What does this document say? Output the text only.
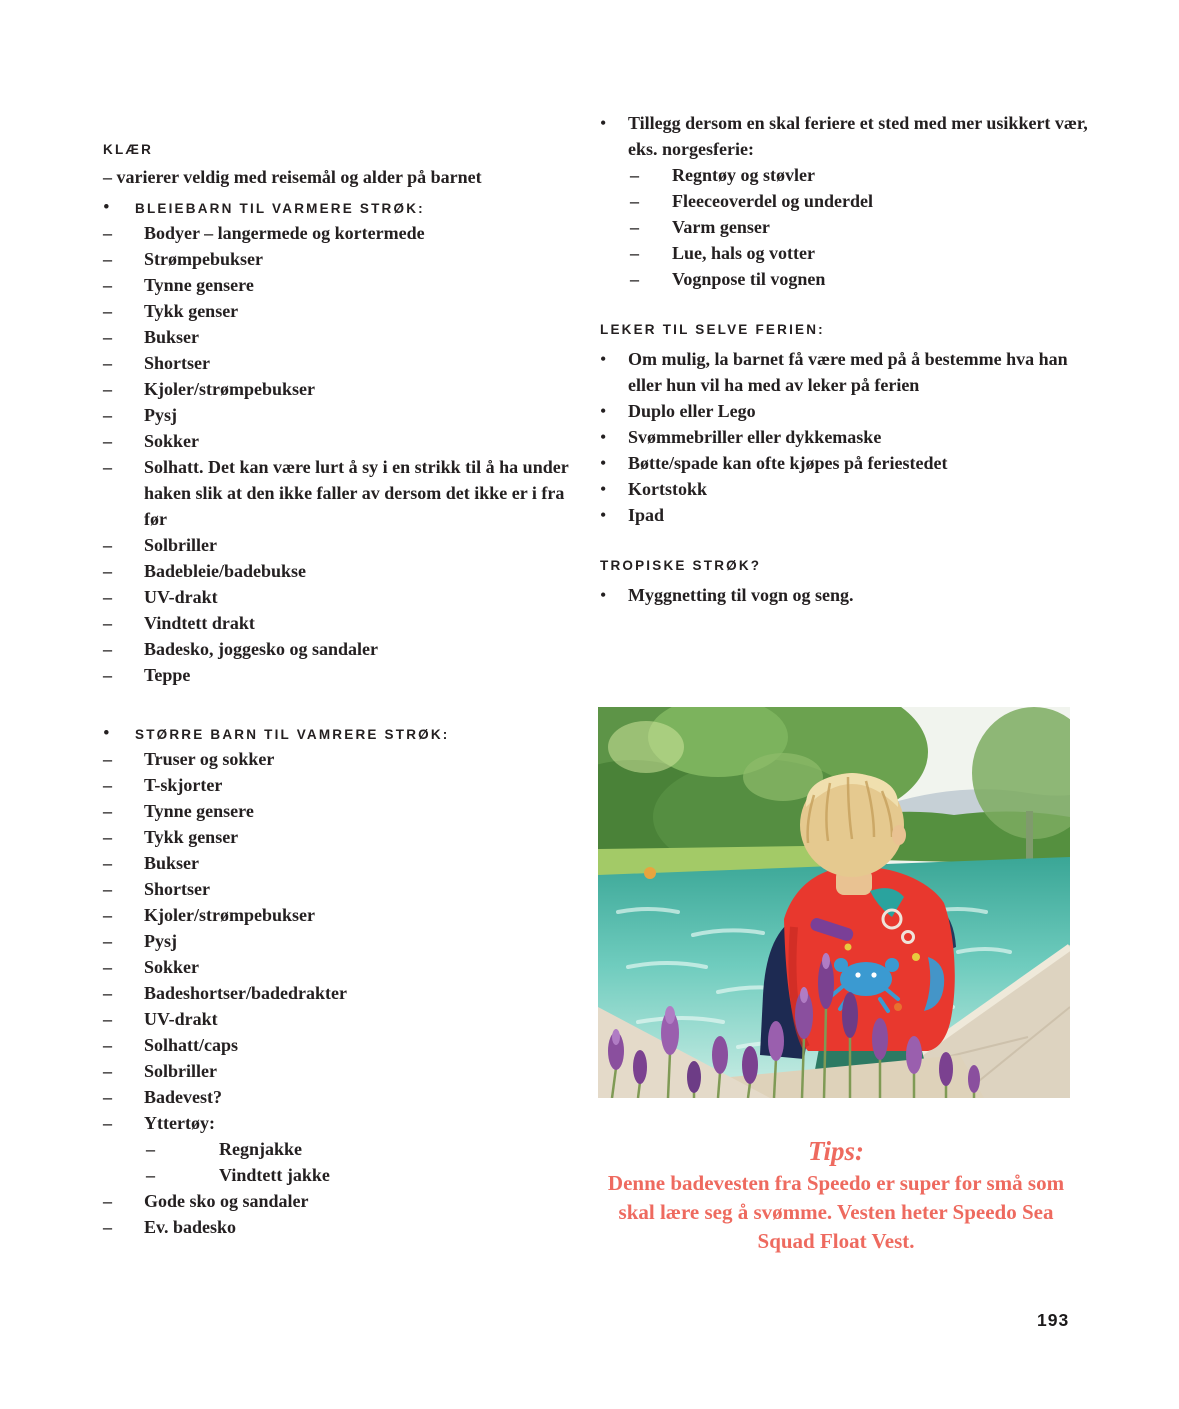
KLÆR
– varierer veldig med reisemål og alder på barnet
•	BLEIEBARN TIL VARMERE STRØK:
–	Bodyer – langermede og kortermede
–	Strømpebukser
–	Tynne gensere
–	Tykk genser
–	Bukser
–	Shortser
–	Kjoler/strømpebukser
–	Pysj
–	Sokker
–	Solhatt. Det kan være lurt å sy i en strikk til å ha under haken slik at den ikke faller av dersom det ikke er i fra før
–	Solbriller
–	Badebleie/badebukse
–	UV-drakt
–	Vindtett drakt
–	Badesko, joggesko og sandaler
–	Teppe
•	STØRRE BARN TIL VAMRERE STRØK:
–	Truser og sokker
–	T-skjorter
–	Tynne gensere
–	Tykk genser
–	Bukser
–	Shortser
–	Kjoler/strømpebukser
–	Pysj
–	Sokker
–	Badeshortser/badedrakter
–	UV-drakt
–	Solhatt/caps
–	Solbriller
–	Badevest?
–	Yttertøy:
–	Regnjakke
–	Vindtett jakke
–	Gode sko og sandaler
–	Ev. badesko
•	Tillegg dersom en skal feriere et sted med mer usikkert vær, eks. norgesferie:
–	Regntøy og støvler
–	Fleeceoverdel og underdel
–	Varm genser
–	Lue, hals og votter
–	Vognpose til vognen
LEKER TIL SELVE FERIEN:
•	Om mulig, la barnet få være med på å bestemme hva han eller hun vil ha med av leker på ferien
•	Duplo eller Lego
•	Svømmebriller eller dykkemaske
•	Bøtte/spade kan ofte kjøpes på feriestedet
•	Kortstokk
•	Ipad
TROPISKE STRØK?
•	Myggnetting til vogn og seng.
Tips:
Denne badevesten fra Speedo er super for små som skal lære seg å svømme. Vesten heter Speedo Sea Squad Float Vest.
193
